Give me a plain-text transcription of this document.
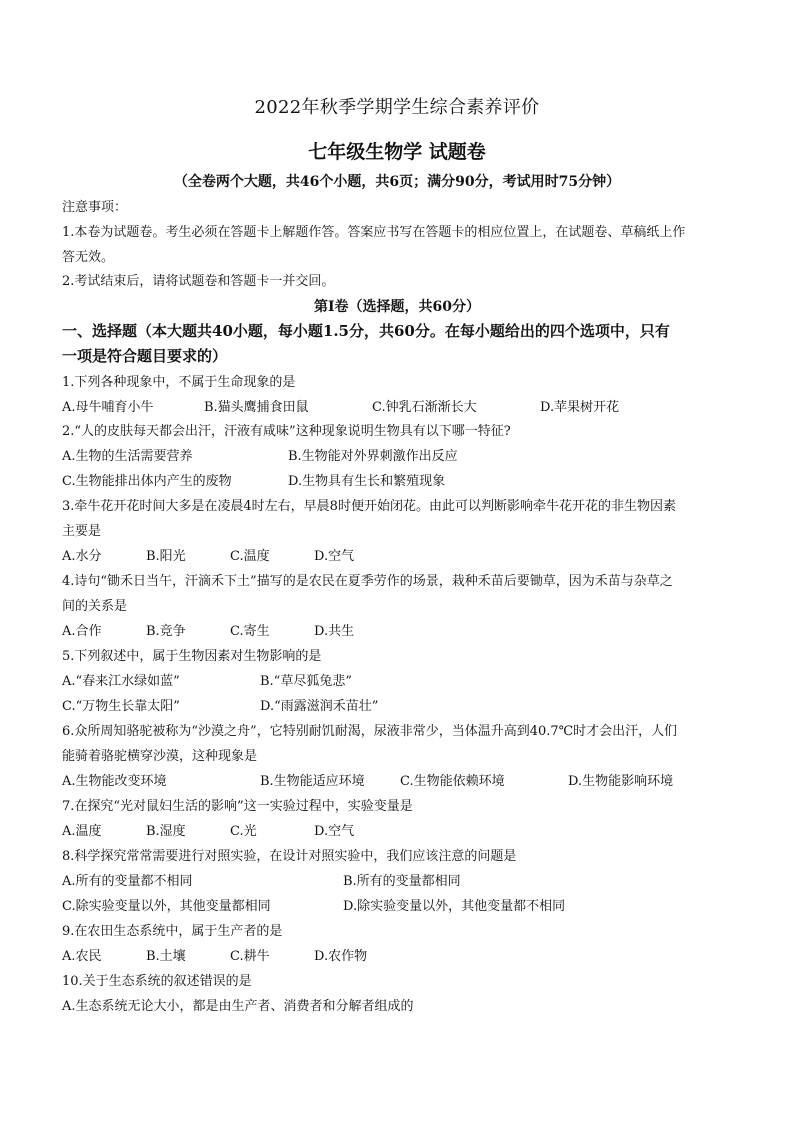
2022年秋季学期学生综合素养评价
七年级生物学 试题卷
（全卷两个大题，共46个小题，共6页；满分90分，考试用时75分钟）
注意事项：
1.本卷为试题卷。考生必须在答题卡上解题作答。答案应书写在答题卡的相应位置上，在试题卷、草稿纸上作
答无效。
2.考试结束后，请将试题卷和答题卡一并交回。
第Ⅰ卷（选择题，共60分）
一、选择题（本大题共40小题，每小题1.5分，共60分。在每小题给出的四个选项中，只有
一项是符合题目要求的）
1.下列各种现象中，不属于生命现象的是
A.母牛哺育小牛	B.猫头鹰捕食田鼠	C.钟乳石渐渐长大	D.苹果树开花
2.“人的皮肤每天都会出汗，汗液有咸味”这种现象说明生物具有以下哪一特征?
A.生物的生活需要营养	B.生物能对外界刺激作出反应
C.生物能排出体内产生的废物	D.生物具有生长和繁殖现象
3.牵牛花开花时间大多是在凌晨4时左右，早晨8时便开始闭花。由此可以判断影响牵牛花开花的非生物因素
主要是
A.水分	B.阳光	C.温度	D.空气
4.诗句“锄禾日当午，汗滴禾下土”描写的是农民在夏季劳作的场景，栽种禾苗后要锄草，因为禾苗与杂草之
间的关系是
A.合作	B.竞争	C.寄生	D.共生
5.下列叙述中，属于生物因素对生物影响的是
A.“春来江水绿如蓝”	B.“草尽狐兔悲”
C.“万物生长靠太阳”	D.“雨露滋润禾苗壮”
6.众所周知骆驼被称为“沙漠之舟”，它特别耐饥耐渴，尿液非常少，当体温升高到40.7℃时才会出汗，人们
能骑着骆驼横穿沙漠，这种现象是
A.生物能改变环境	B.生物能适应环境	C.生物能依赖环境	D.生物能影响环境
7.在探究“光对鼠妇生活的影响”这一实验过程中，实验变量是
A.温度	B.湿度	C.光	D.空气
8.科学探究常常需要进行对照实验，在设计对照实验中，我们应该注意的问题是
A.所有的变量都不相同	B.所有的变量都相同
C.除实验变量以外，其他变量都相同	D.除实验变量以外，其他变量都不相同
9.在农田生态系统中，属于生产者的是
A.农民	B.土壤	C.耕牛	D.农作物
10.关于生态系统的叙述错误的是
A.生态系统无论大小，都是由生产者、消费者和分解者组成的
